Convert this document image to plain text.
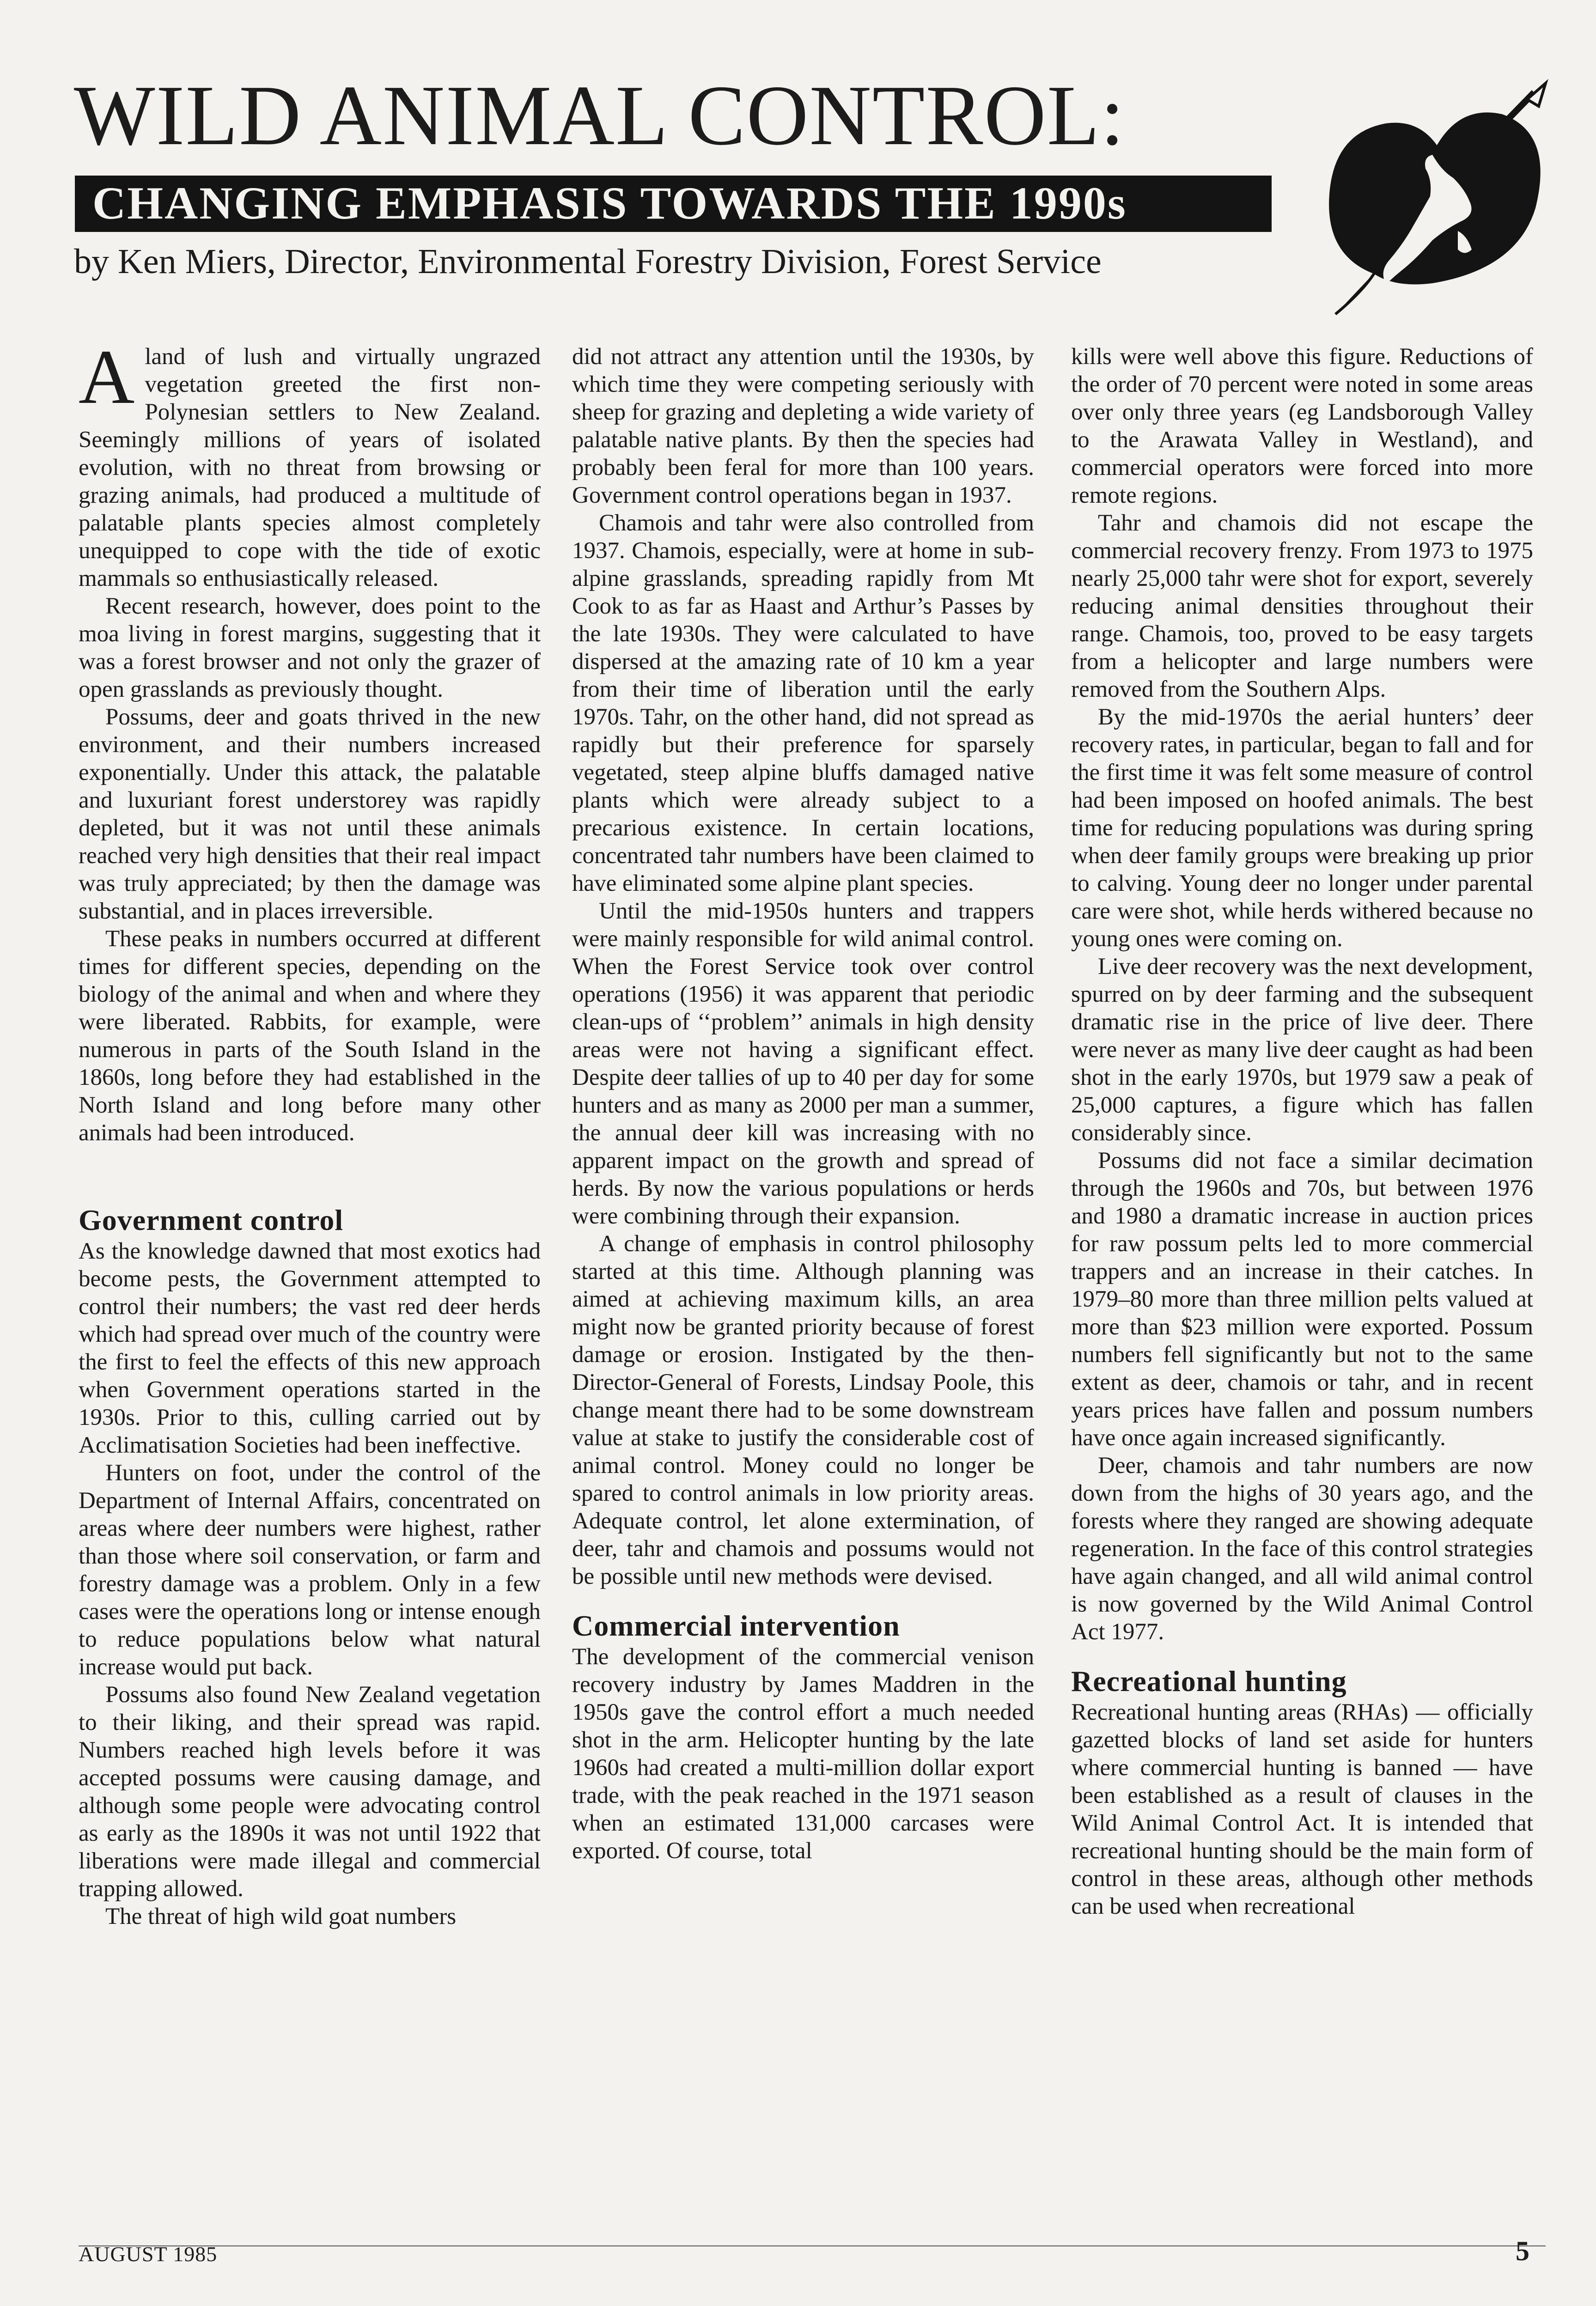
WILD ANIMAL CONTROL:
CHANGING EMPHASIS TOWARDS THE 1990s
by Ken Miers, Director, Environmental Forestry Division, Forest Service

A land of lush and virtually ungrazed vegetation greeted the first non-Polynesian settlers to New Zealand. Seemingly millions of years of isolated evolution, with no threat from browsing or grazing animals, had produced a multitude of palatable plants species almost completely unequipped to cope with the tide of exotic mammals so enthusiastically released.

Recent research, however, does point to the moa living in forest margins, suggesting that it was a forest browser and not only the grazer of open grasslands as previously thought.

Possums, deer and goats thrived in the new environment, and their numbers increased exponentially. Under this attack, the palatable and luxuriant forest understorey was rapidly depleted, but it was not until these animals reached very high densities that their real impact was truly appreciated; by then the damage was substantial, and in places irreversible.

These peaks in numbers occurred at different times for different species, depending on the biology of the animal and when and where they were liberated. Rabbits, for example, were numerous in parts of the South Island in the 1860s, long before they had established in the North Island and long before many other animals had been introduced.

Government control

As the knowledge dawned that most exotics had become pests, the Government attempted to control their numbers; the vast red deer herds which had spread over much of the country were the first to feel the effects of this new approach when Government operations started in the 1930s. Prior to this, culling carried out by Acclimatisation Societies had been ineffective.

Hunters on foot, under the control of the Department of Internal Affairs, concentrated on areas where deer numbers were highest, rather than those where soil conservation, or farm and forestry damage was a problem. Only in a few cases were the operations long or intense enough to reduce populations below what natural increase would put back.

Possums also found New Zealand vegetation to their liking, and their spread was rapid. Numbers reached high levels before it was accepted possums were causing damage, and although some people were advocating control as early as the 1890s it was not until 1922 that liberations were made illegal and commercial trapping allowed.

The threat of high wild goat numbers

did not attract any attention until the 1930s, by which time they were competing seriously with sheep for grazing and depleting a wide variety of palatable native plants. By then the species had probably been feral for more than 100 years. Government control operations began in 1937.

Chamois and tahr were also controlled from 1937. Chamois, especially, were at home in sub-alpine grasslands, spreading rapidly from Mt Cook to as far as Haast and Arthur’s Passes by the late 1930s. They were calculated to have dispersed at the amazing rate of 10 km a year from their time of liberation until the early 1970s. Tahr, on the other hand, did not spread as rapidly but their preference for sparsely vegetated, steep alpine bluffs damaged native plants which were already subject to a precarious existence. In certain locations, concentrated tahr numbers have been claimed to have eliminated some alpine plant species.

Until the mid-1950s hunters and trappers were mainly responsible for wild animal control. When the Forest Service took over control operations (1956) it was apparent that periodic clean-ups of ‘‘problem’’ animals in high density areas were not having a significant effect. Despite deer tallies of up to 40 per day for some hunters and as many as 2000 per man a summer, the annual deer kill was increasing with no apparent impact on the growth and spread of herds. By now the various populations or herds were combining through their expansion.

A change of emphasis in control philosophy started at this time. Although planning was aimed at achieving maximum kills, an area might now be granted priority because of forest damage or erosion. Instigated by the then-Director-General of Forests, Lindsay Poole, this change meant there had to be some downstream value at stake to justify the considerable cost of animal control. Money could no longer be spared to control animals in low priority areas. Adequate control, let alone extermination, of deer, tahr and chamois and possums would not be possible until new methods were devised.

Commercial intervention

The development of the commercial venison recovery industry by James Maddren in the 1950s gave the control effort a much needed shot in the arm. Helicopter hunting by the late 1960s had created a multi-million dollar export trade, with the peak reached in the 1971 season when an estimated 131,000 carcases were exported. Of course, total

kills were well above this figure. Reductions of the order of 70 percent were noted in some areas over only three years (eg Landsborough Valley to the Arawata Valley in Westland), and commercial operators were forced into more remote regions.

Tahr and chamois did not escape the commercial recovery frenzy. From 1973 to 1975 nearly 25,000 tahr were shot for export, severely reducing animal densities throughout their range. Chamois, too, proved to be easy targets from a helicopter and large numbers were removed from the Southern Alps.

By the mid-1970s the aerial hunters’ deer recovery rates, in particular, began to fall and for the first time it was felt some measure of control had been imposed on hoofed animals. The best time for reducing populations was during spring when deer family groups were breaking up prior to calving. Young deer no longer under parental care were shot, while herds withered because no young ones were coming on.

Live deer recovery was the next development, spurred on by deer farming and the subsequent dramatic rise in the price of live deer. There were never as many live deer caught as had been shot in the early 1970s, but 1979 saw a peak of 25,000 captures, a figure which has fallen considerably since.

Possums did not face a similar decimation through the 1960s and 70s, but between 1976 and 1980 a dramatic increase in auction prices for raw possum pelts led to more commercial trappers and an increase in their catches. In 1979–80 more than three million pelts valued at more than $23 million were exported. Possum numbers fell significantly but not to the same extent as deer, chamois or tahr, and in recent years prices have fallen and possum numbers have once again increased significantly.

Deer, chamois and tahr numbers are now down from the highs of 30 years ago, and the forests where they ranged are showing adequate regeneration. In the face of this control strategies have again changed, and all wild animal control is now governed by the Wild Animal Control Act 1977.

Recreational hunting

Recreational hunting areas (RHAs) — officially gazetted blocks of land set aside for hunters where commercial hunting is banned — have been established as a result of clauses in the Wild Animal Control Act. It is intended that recreational hunting should be the main form of control in these areas, although other methods can be used when recreational

AUGUST 1985	5
